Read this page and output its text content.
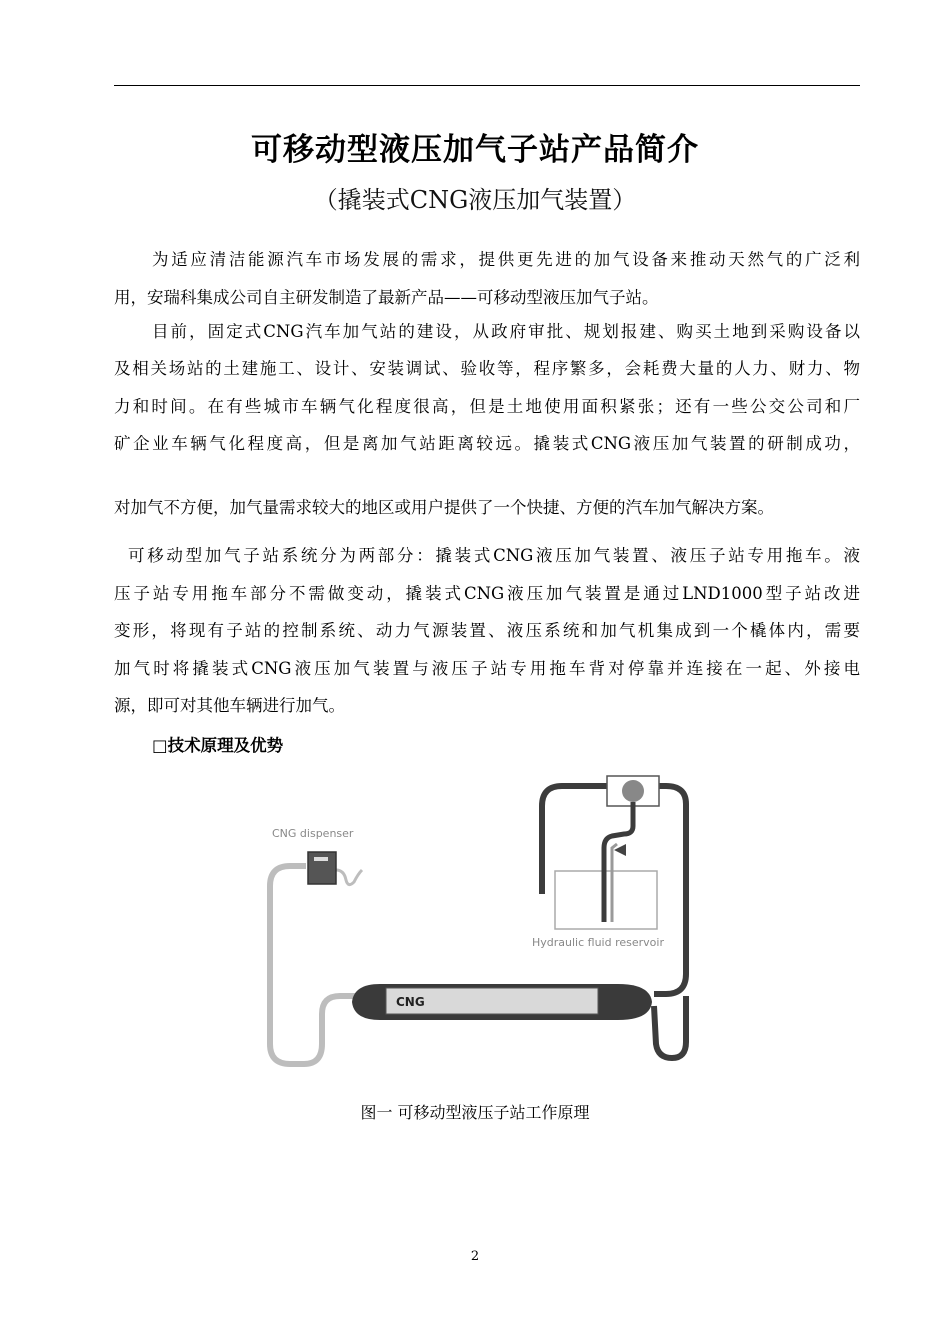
可移动型液压加气子站产品简介
（撬装式CNG液压加气装置）
为适应清洁能源汽车市场发展的需求，提供更先进的加气设备来推动天然气的广泛利
用，安瑞科集成公司自主研发制造了最新产品——可移动型液压加气子站。
目前，固定式CNG汽车加气站的建设，从政府审批、规划报建、购买土地到采购设备以
及相关场站的土建施工、设计、安装调试、验收等，程序繁多，会耗费大量的人力、财力、物
力和时间。在有些城市车辆气化程度很高，但是土地使用面积紧张；还有一些公交公司和厂
矿企业车辆气化程度高，但是离加气站距离较远。撬装式CNG液压加气装置的研制成功，
对加气不方便，加气量需求较大的地区或用户提供了一个快捷、方便的汽车加气解决方案。
可移动型加气子站系统分为两部分：撬装式CNG液压加气装置、液压子站专用拖车。液
压子站专用拖车部分不需做变动，撬装式CNG液压加气装置是通过LND1000型子站改进
变形，将现有子站的控制系统、动力气源装置、液压系统和加气机集成到一个橇体内，需要
加气时将撬装式CNG液压加气装置与液压子站专用拖车背对停靠并连接在一起、外接电
源，即可对其他车辆进行加气。
□技术原理及优势
CNG dispenser
Hydraulic fluid reservoir
CNG
图一 可移动型液压子站工作原理
2
